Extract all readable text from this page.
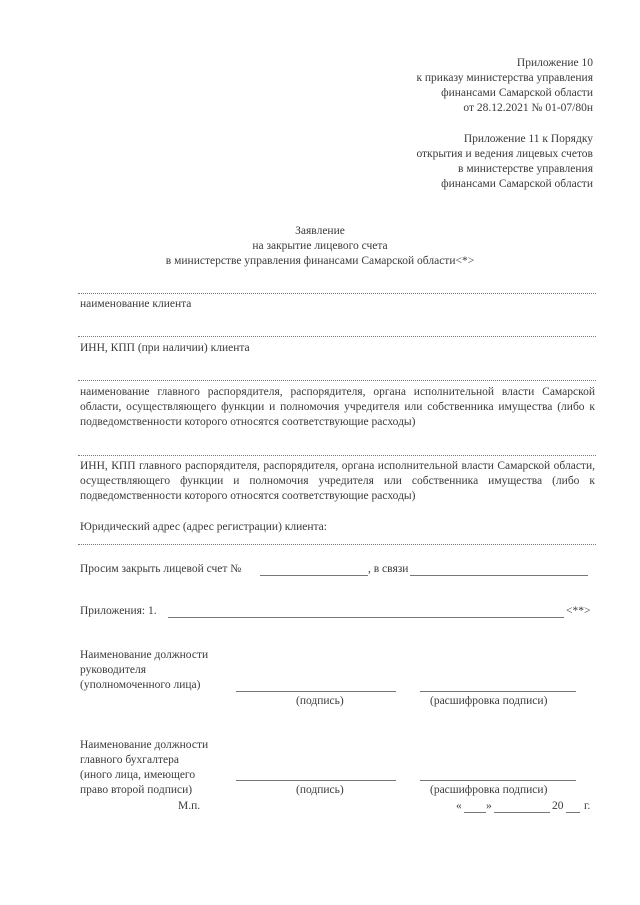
Приложение 10
к приказу министерства управления
финансами Самарской области
от 28.12.2021 № 01-07/80н
Приложение 11 к Порядку
открытия и ведения лицевых счетов
в министерстве управления
финансами Самарской области
Заявление
на закрытие лицевого счета
в министерстве управления финансами Самарской области<*>
наименование клиента
ИНН, КПП (при наличии) клиента
наименование главного распорядителя, распорядителя, органа исполнительной власти Самарской области, осуществляющего функции и полномочия учредителя или собственника имущества (либо к подведомственности которого относятся соответствующие расходы)
ИНН, КПП главного распорядителя, распорядителя, органа исполнительной власти Самарской области, осуществляющего функции и полномочия учредителя или собственника имущества (либо к подведомственности которого относятся соответствующие расходы)
Юридический адрес (адрес регистрации) клиента:
Просим закрыть лицевой счет №	, в связи
Приложения: 1.	<**>
Наименование должности
руководителя
(уполномоченного лица)
(подпись)	(расшифровка подписи)
Наименование должности
главного бухгалтера
(иного лица, имеющего
право второй подписи)	(подпись)	(расшифровка подписи)
М.п.	« »	20 г.
